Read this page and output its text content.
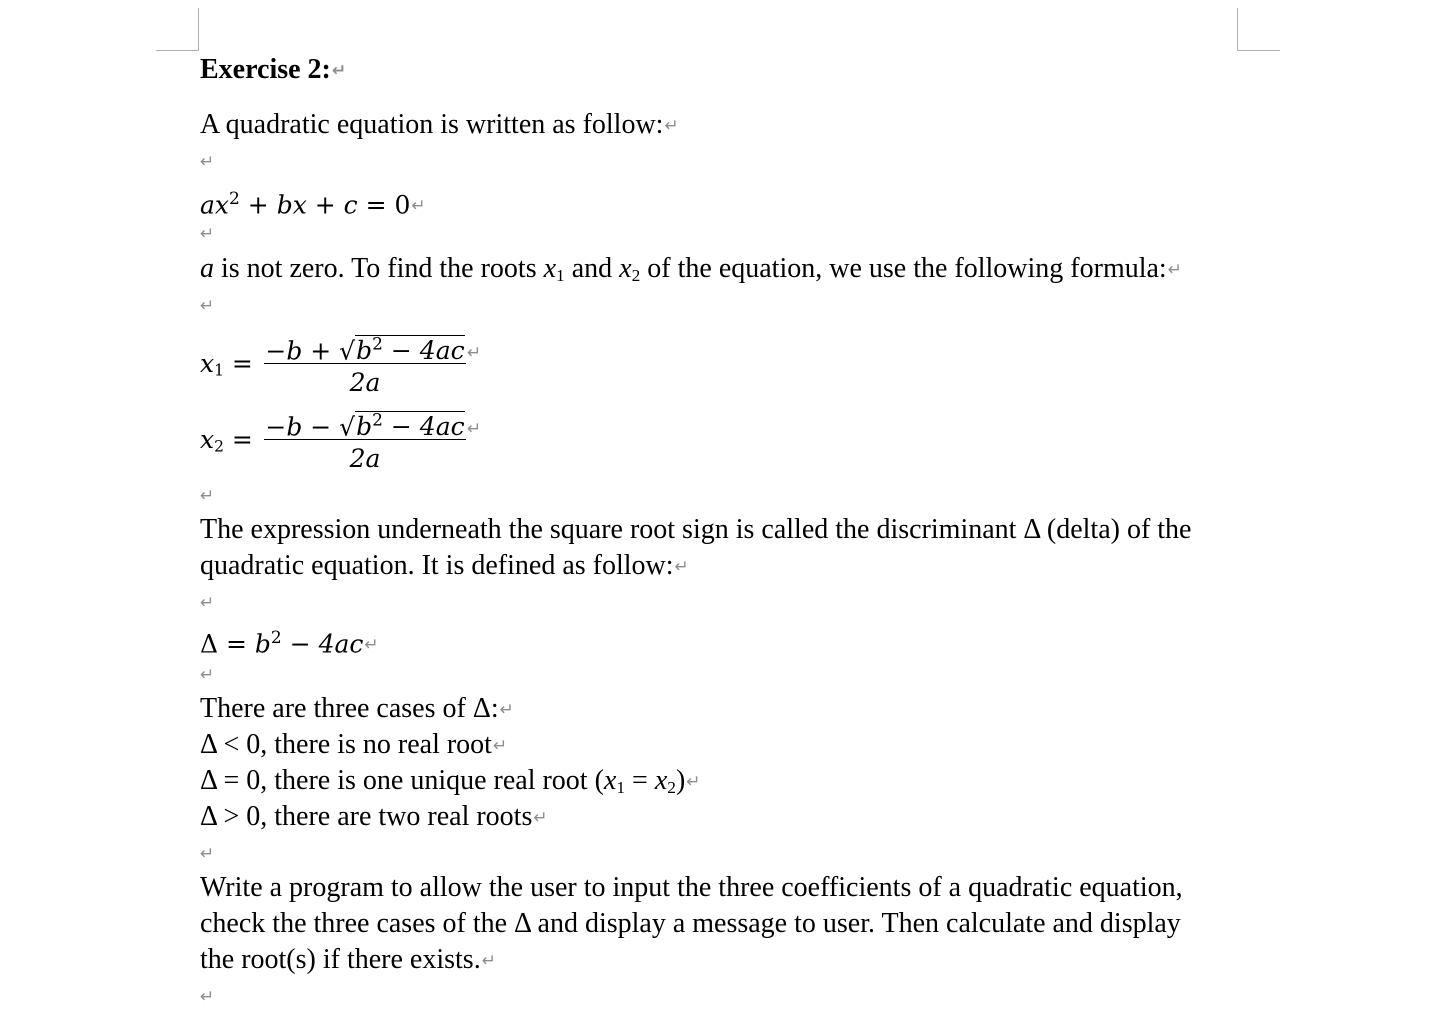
Exercise 2:↵
A quadratic equation is written as follow:↵
↵
$ax^2$ + bx + c = 0↵
↵
a is not zero. To find the roots $x_1$ and $x_2$ of the equation, we use the following formula:↵
↵
$x_1 = -b + √b^2 - 4ac$
2a
↵
$x_2 = -b - √b^2 - 4ac$
2a
↵
↵
The expression underneath the square root sign is called the discriminant Δ (delta) of the
quadratic equation. It is defined as follow:↵
↵
$\Delta = b^2$ − 4ac↵
↵
There are three cases of Δ:↵
Δ < 0, there is no real root↵
Δ = 0, there is one unique real root ($x_1$ = $x_2)↵$
Δ > 0, there are two real roots↵
↵
Write a program to allow the user to input the three coefficients of a quadratic equation,
check the three cases of the Δ and display a message to user. Then calculate and display
the root(s) if there exists.↵
↵
